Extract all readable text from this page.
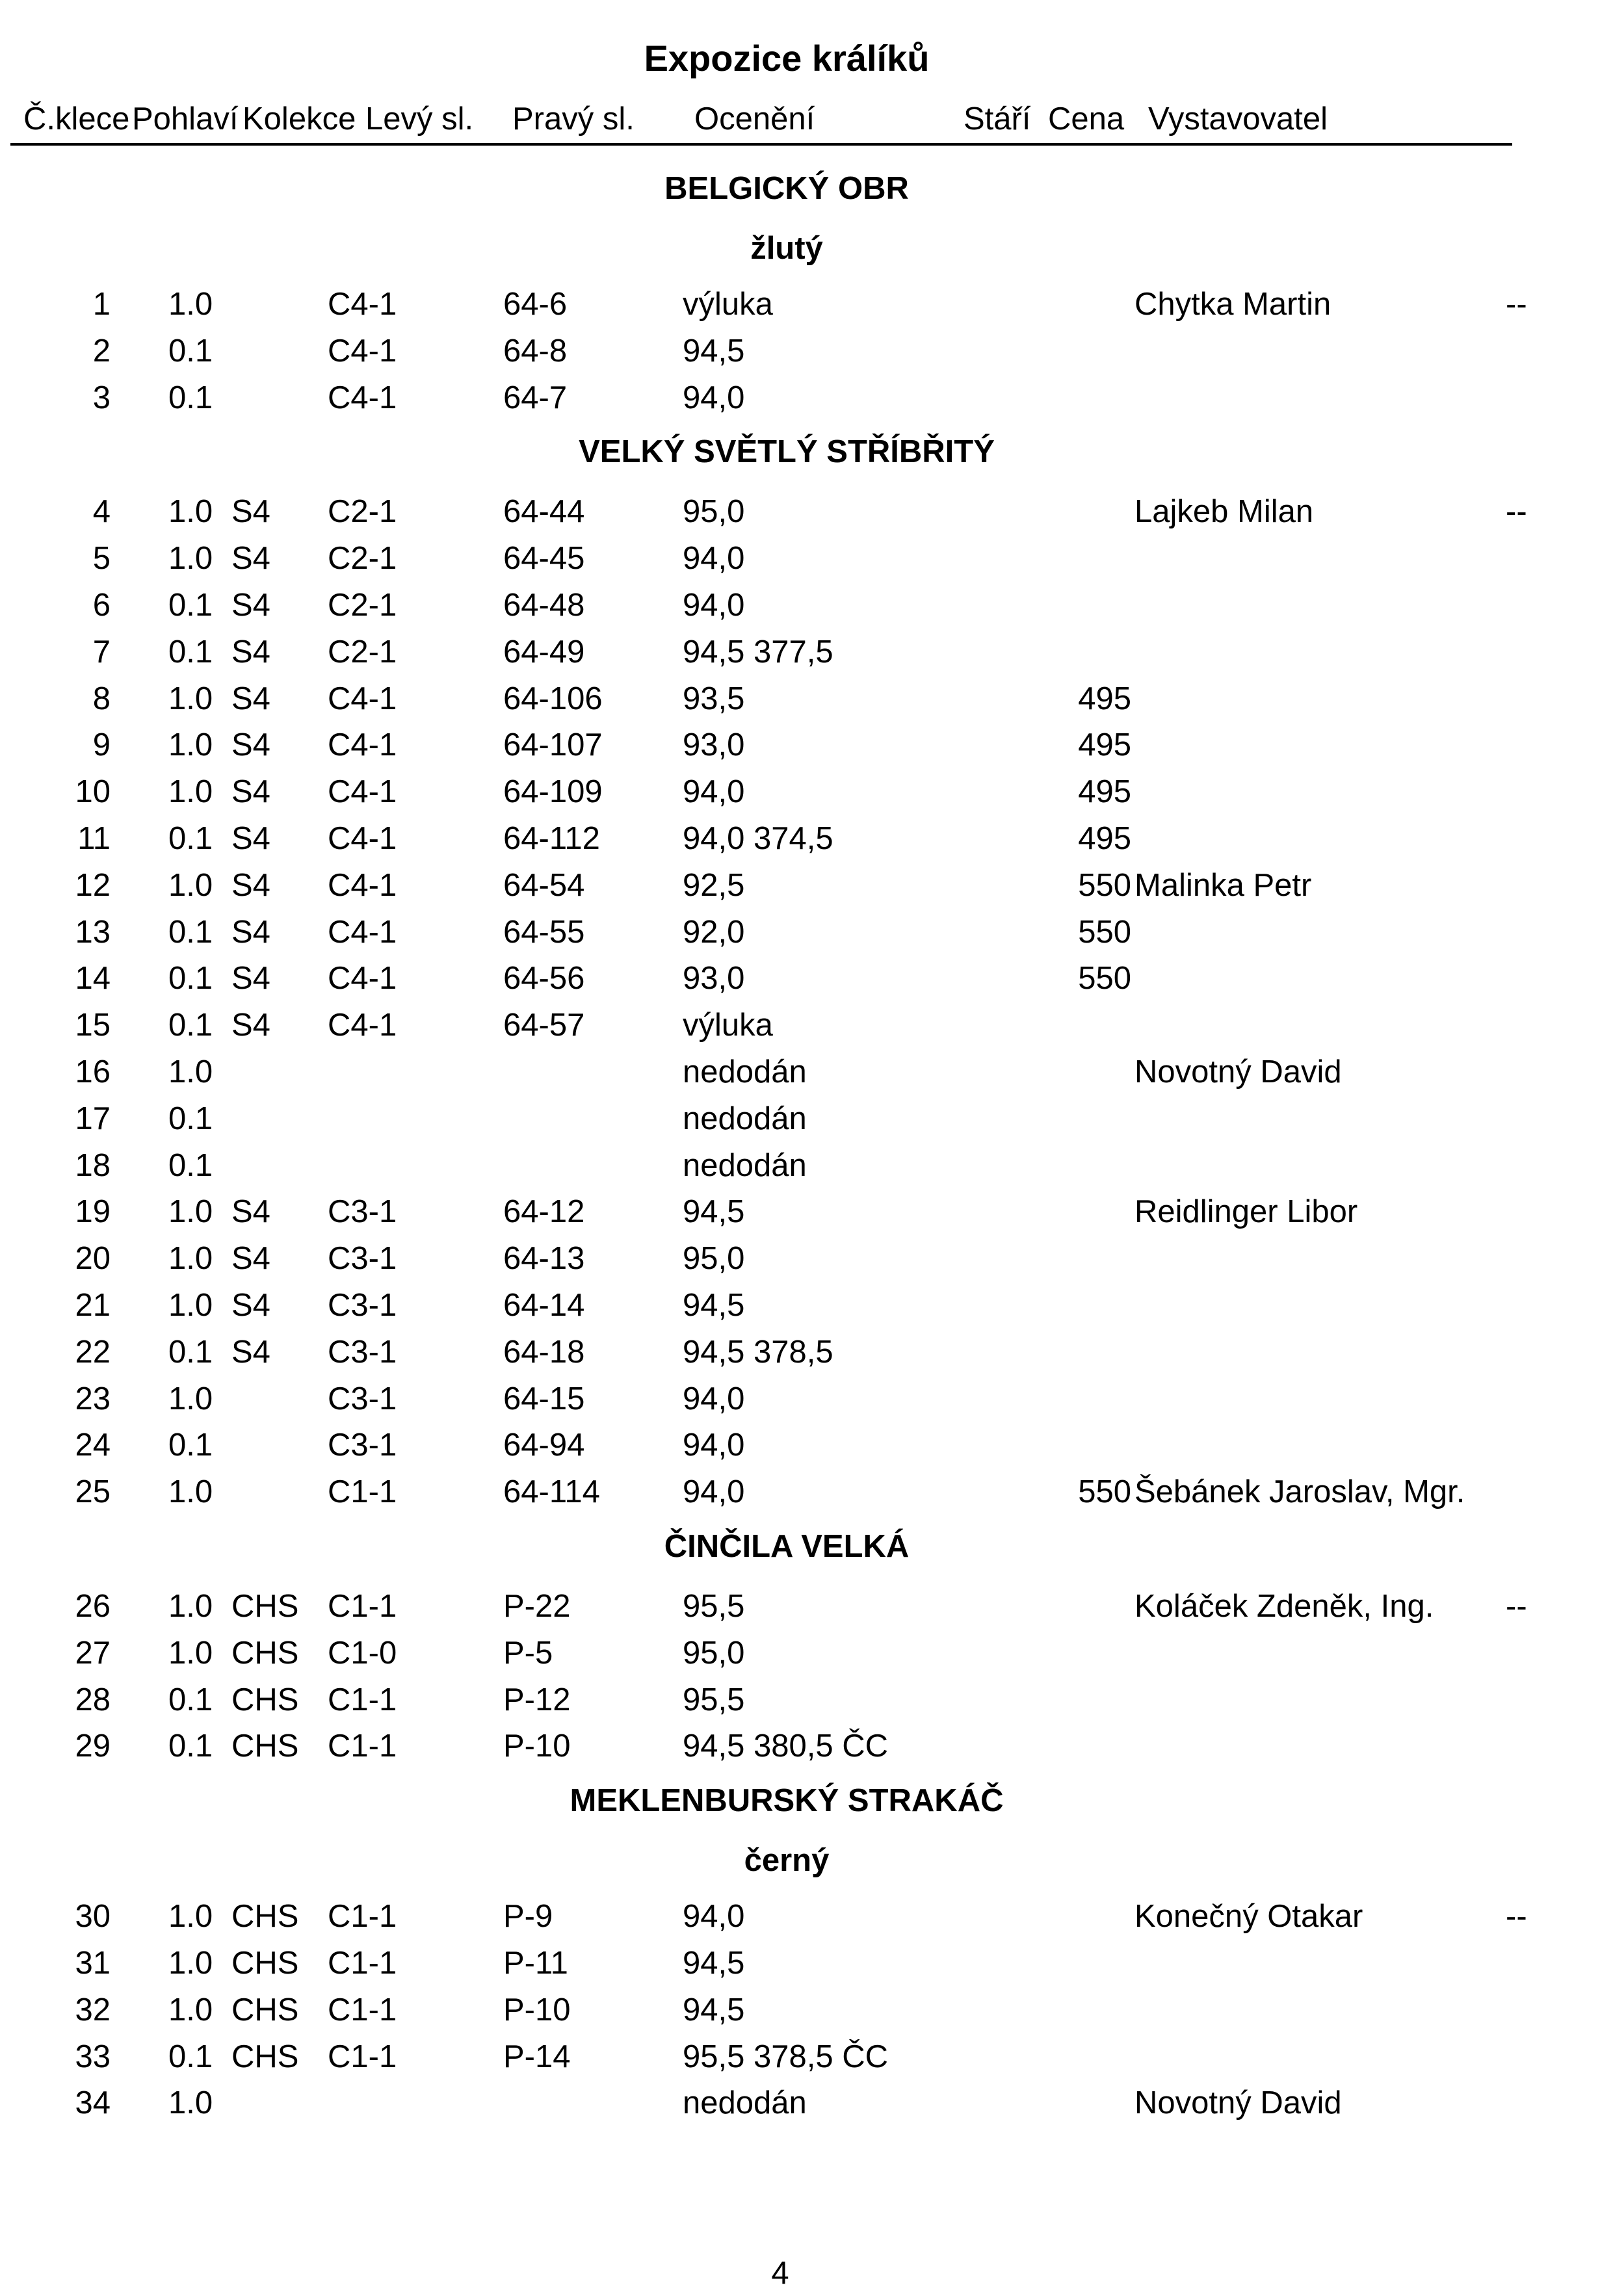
Expozice králíků
Č.klece Pohlaví Kolekce Levý sl. Pravý sl. Ocenění	Stáří Cena Vystavovatel
BELGICKÝ OBR
žlutý
1 1.0	C4-1	64-6	výluka	Chytka Martin	--
2 0.1	C4-1	64-8	94,5
3 0.1	C4-1	64-7	94,0
VELKÝ SVĚTLÝ STŘÍBŘITÝ
4 1.0 S4 C2-1	64-44	95,0	Lajkeb Milan	--
5 1.0 S4 C2-1	64-45	94,0
6 0.1 S4 C2-1	64-48	94,0
7 0.1 S4 C2-1	64-49	94,5 377,5
8 1.0 S4 C4-1	64-106	93,5	495
9 1.0 S4 C4-1	64-107	93,0	495
10 1.0 S4 C4-1	64-109	94,0	495
11 0.1 S4 C4-1	64-112	94,0 374,5	495
12 1.0 S4 C4-1	64-54	92,5	550 Malinka Petr
13 0.1 S4 C4-1	64-55	92,0	550
14 0.1 S4 C4-1	64-56	93,0	550
15 0.1 S4 C4-1	64-57	výluka
16 1.0	nedodán	Novotný David
17 0.1	nedodán
18 0.1	nedodán
19 1.0 S4 C3-1	64-12	94,5	Reidlinger Libor
20 1.0 S4 C3-1	64-13	95,0
21 1.0 S4 C3-1	64-14	94,5
22 0.1 S4 C3-1	64-18	94,5 378,5
23 1.0	C3-1	64-15	94,0
24 0.1	C3-1	64-94	94,0
25 1.0	C1-1	64-114	94,0	550 Šebánek Jaroslav, Mgr.
ČINČILA VELKÁ
26 1.0 CHS C1-1	P-22	95,5	Koláček Zdeněk, Ing. --
27 1.0 CHS C1-0	P-5	95,0
28 0.1 CHS C1-1	P-12	95,5
29 0.1 CHS C1-1	P-10	94,5 380,5 ČC
MEKLENBURSKÝ STRAKÁČ
černý
30 1.0 CHS C1-1	P-9	94,0	Konečný Otakar	--
31 1.0 CHS C1-1	P-11	94,5
32 1.0 CHS C1-1	P-10	94,5
33 0.1 CHS C1-1	P-14	95,5 378,5 ČC
34 1.0	nedodán	Novotný David
4
